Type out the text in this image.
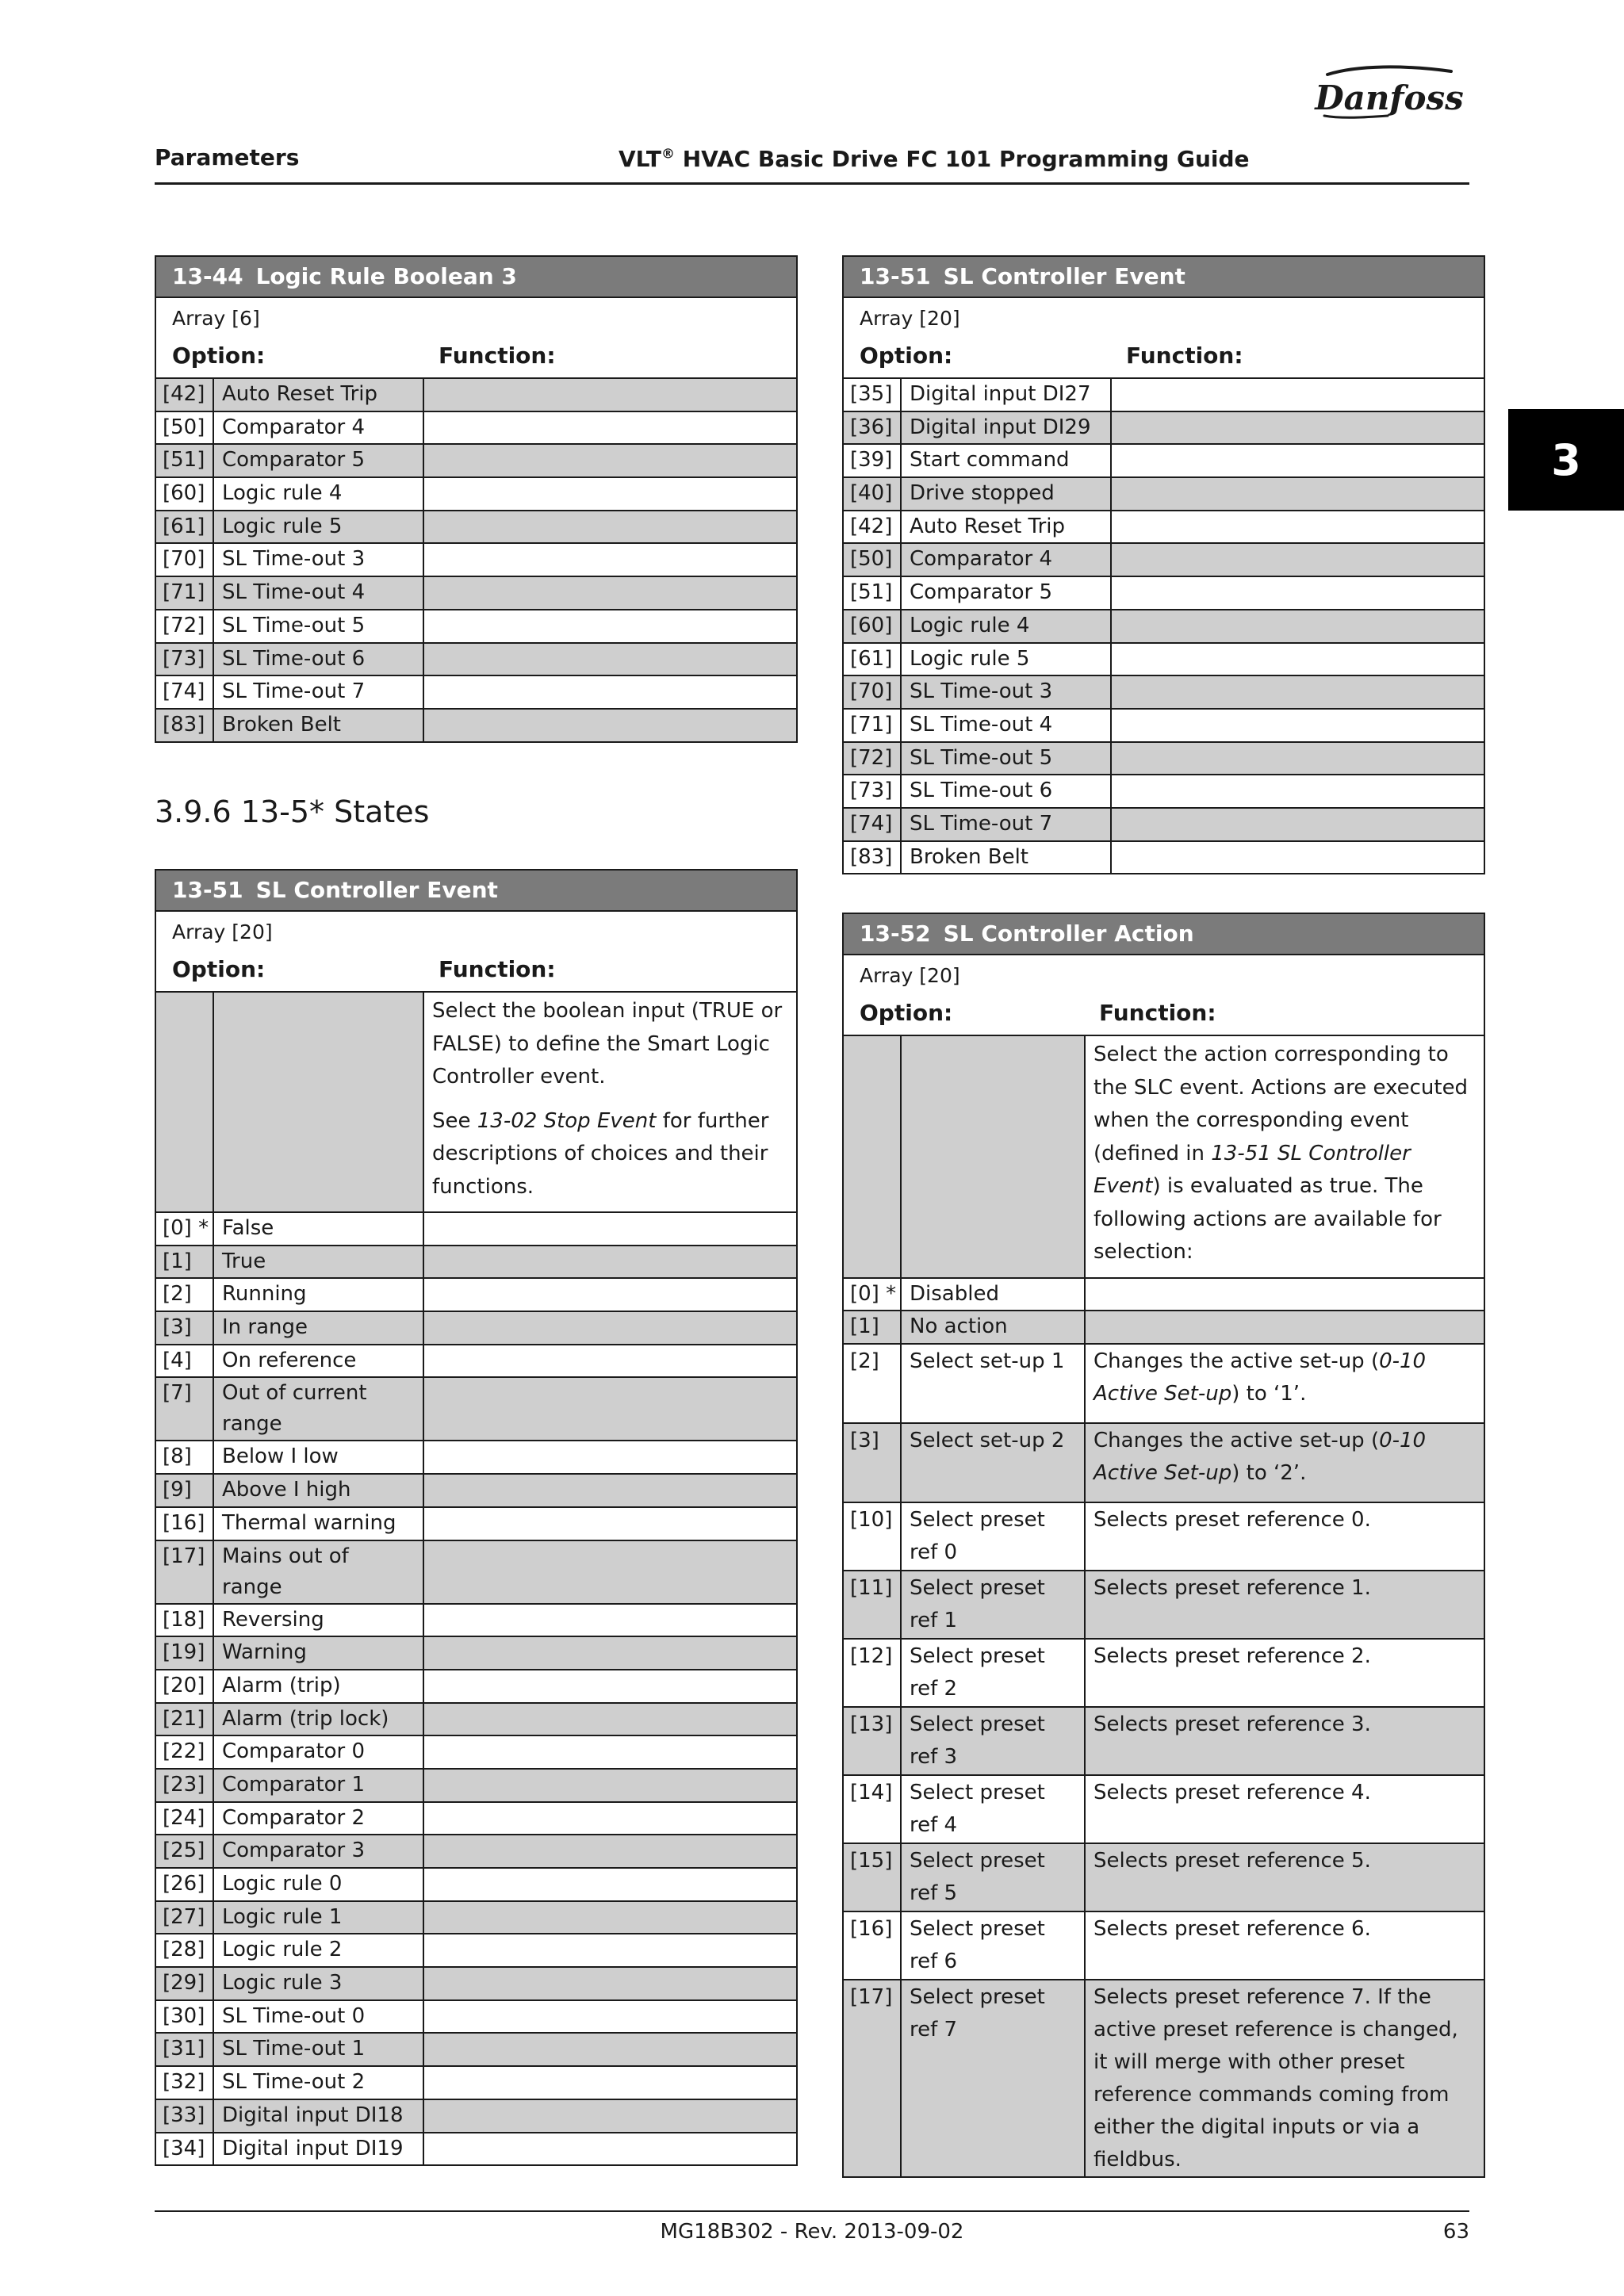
Danfoss
Parameters	VLT® HVAC Basic Drive FC 101 Programming Guide
3
13-44 Logic Rule Boolean 3
Array [6]
Option:	Function:
[42]	Auto Reset Trip	
[50]	Comparator 4	
[51]	Comparator 5	
[60]	Logic rule 4	
[61]	Logic rule 5	
[70]	SL Time-out 3	
[71]	SL Time-out 4	
[72]	SL Time-out 5	
[73]	SL Time-out 6	
[74]	SL Time-out 7	
[83]	Broken Belt	
3.9.6 13-5* States
13-51 SL Controller Event
Array [20]
Option:	Function:

		Select the boolean input (TRUE or FALSE) to define the Smart Logic Controller event.

See 13-02 Stop Event for further descriptions of choices and their functions.

[0] *	False	
[1]	True	
[2]	Running	
[3]	In range	
[4]	On reference	
[7]	Out of current range	
[8]	Below I low	
[9]	Above I high	
[16]	Thermal warning	
[17]	Mains out of range	
[18]	Reversing	
[19]	Warning	
[20]	Alarm (trip)	
[21]	Alarm (trip lock)	
[22]	Comparator 0	
[23]	Comparator 1	
[24]	Comparator 2	
[25]	Comparator 3	
[26]	Logic rule 0	
[27]	Logic rule 1	
[28]	Logic rule 2	
[29]	Logic rule 3	
[30]	SL Time-out 0	
[31]	SL Time-out 1	
[32]	SL Time-out 2	
[33]	Digital input DI18	
[34]	Digital input DI19	
13-51 SL Controller Event
Array [20]
Option:	Function:
[35]	Digital input DI27	
[36]	Digital input DI29	
[39]	Start command	
[40]	Drive stopped	
[42]	Auto Reset Trip	
[50]	Comparator 4	
[51]	Comparator 5	
[60]	Logic rule 4	
[61]	Logic rule 5	
[70]	SL Time-out 3	
[71]	SL Time-out 4	
[72]	SL Time-out 5	
[73]	SL Time-out 6	
[74]	SL Time-out 7	
[83]	Broken Belt	
13-52 SL Controller Action
Array [20]
Option:	Function:

		Select the action corresponding to the SLC event. Actions are executed when the corresponding event (defined in 13-51 SL Controller Event) is evaluated as true. The following actions are available for selection:

[0] *	Disabled	
[1]	No action	
[2]	Select set-up 1	Changes the active set-up (0-10 Active Set-up) to ‘1’.
[3]	Select set-up 2	Changes the active set-up (0-10 Active Set-up) to ‘2’.
[10]	Select preset ref 0	Selects preset reference 0.
[11]	Select preset ref 1	Selects preset reference 1.
[12]	Select preset ref 2	Selects preset reference 2.
[13]	Select preset ref 3	Selects preset reference 3.
[14]	Select preset ref 4	Selects preset reference 4.
[15]	Select preset ref 5	Selects preset reference 5.
[16]	Select preset ref 6	Selects preset reference 6.
[17]	Select preset ref 7	Selects preset reference 7. If the active preset reference is changed, it will merge with other preset reference commands coming from either the digital inputs or via a fieldbus.
MG18B302 - Rev. 2013-09-02	63
